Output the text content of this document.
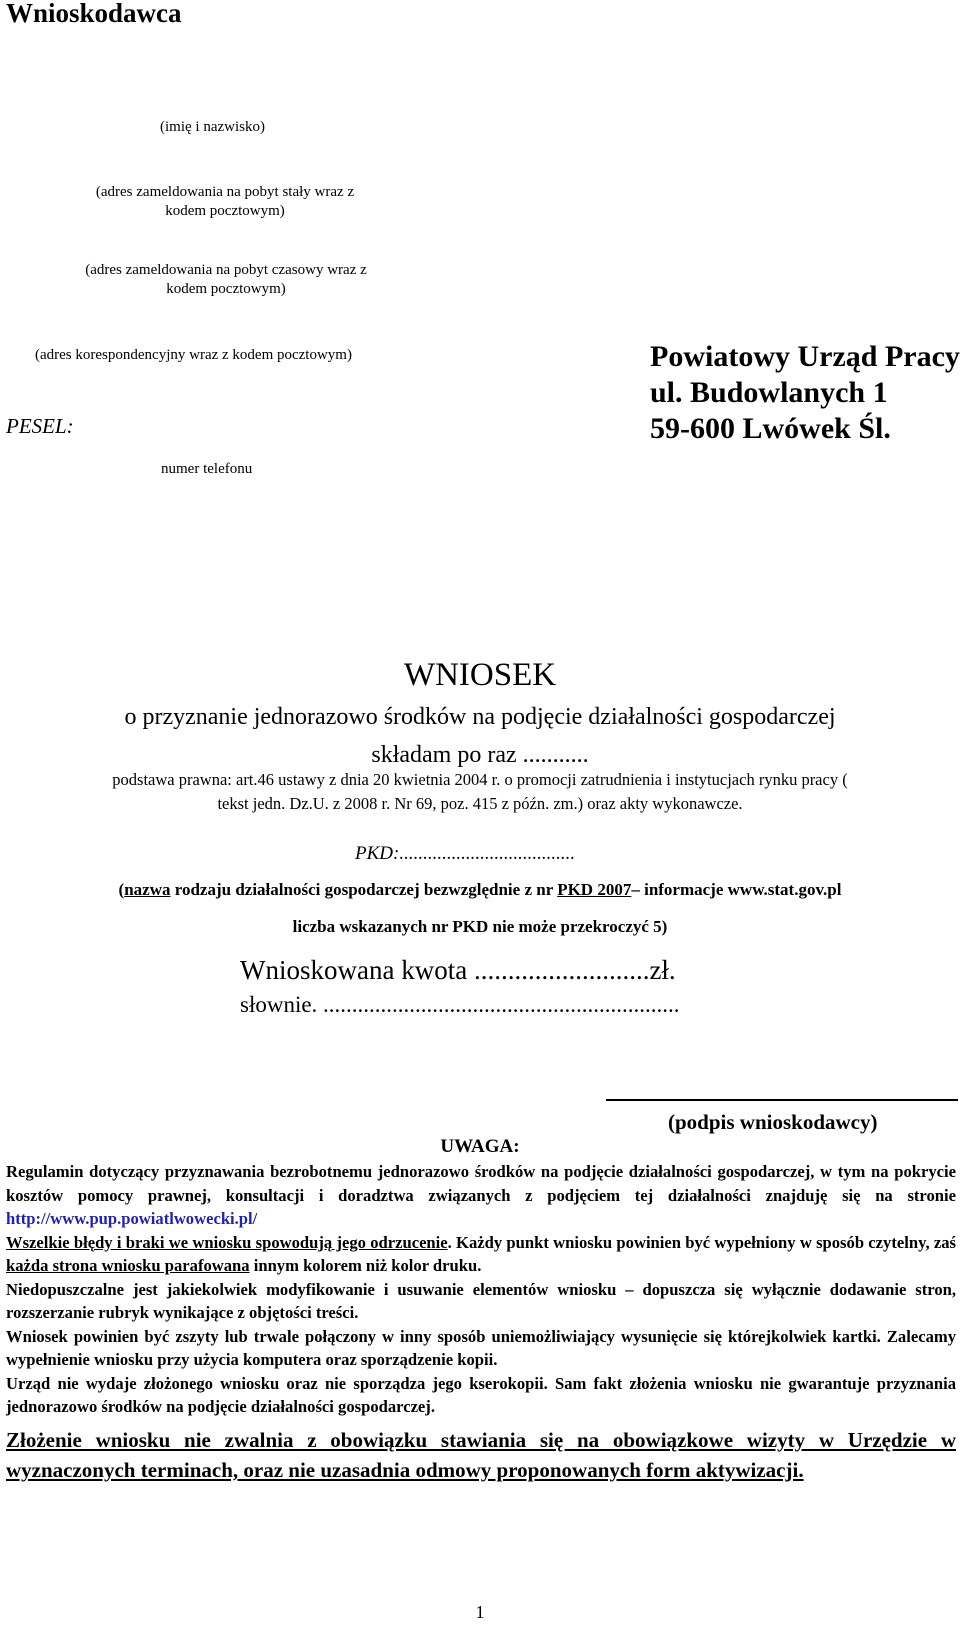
Wnioskodawca
(imię i nazwisko)
(adres zameldowania na pobyt stały wraz z kodem pocztowym)
(adres zameldowania na pobyt czasowy wraz z kodem pocztowym)
(adres korespondencyjny wraz z kodem pocztowym)
PESEL:
numer telefonu
Powiatowy Urząd Pracy
ul. Budowlanych 1
59-600 Lwówek Śl.
WNIOSEK
o przyznanie jednorazowo środków na podjęcie działalności gospodarczej
składam po raz ...........
podstawa prawna: art.46 ustawy z dnia 20 kwietnia 2004 r. o promocji zatrudnienia i instytucjach rynku pracy ( tekst jedn. Dz.U. z 2008 r. Nr 69, poz. 415 z późn. zm.) oraz akty wykonawcze.
PKD:.....................................
(nazwa rodzaju działalności gospodarczej bezwzględnie z nr PKD 2007– informacje www.stat.gov.pl
liczba wskazanych nr PKD nie może przekroczyć 5)
Wnioskowana kwota ..........................zł.
słownie. ..............................................................
(podpis wnioskodawcy)
UWAGA:

Regulamin dotyczący przyznawania bezrobotnemu jednorazowo środków na podjęcie działalności gospodarczej, w tym na pokrycie kosztów pomocy prawnej, konsultacji i doradztwa związanych z podjęciem tej działalności znajduję się na stronie http://www.pup.powiatlwowecki.pl/

Wszelkie błędy i braki we wniosku spowodują jego odrzucenie. Każdy punkt wniosku powinien być wypełniony w sposób czytelny, zaś każda strona wniosku parafowana innym kolorem niż kolor druku.

Niedopuszczalne jest jakiekolwiek modyfikowanie i usuwanie elementów wniosku – dopuszcza się wyłącznie dodawanie stron, rozszerzanie rubryk wynikające z objętości treści.

Wniosek powinien być zszyty lub trwale połączony w inny sposób uniemożliwiający wysunięcie się którejkolwiek kartki. Zalecamy wypełnienie wniosku przy użycia komputera oraz sporządzenie kopii.

Urząd nie wydaje złożonego wniosku oraz nie sporządza jego kserokopii. Sam fakt złożenia wniosku nie gwarantuje przyznania jednorazowo środków na podjęcie działalności gospodarczej.

Złożenie wniosku nie zwalnia z obowiązku stawiania się na obowiązkowe wizyty w Urzędzie w wyznaczonych terminach, oraz nie uzasadnia odmowy proponowanych form aktywizacji.

1
